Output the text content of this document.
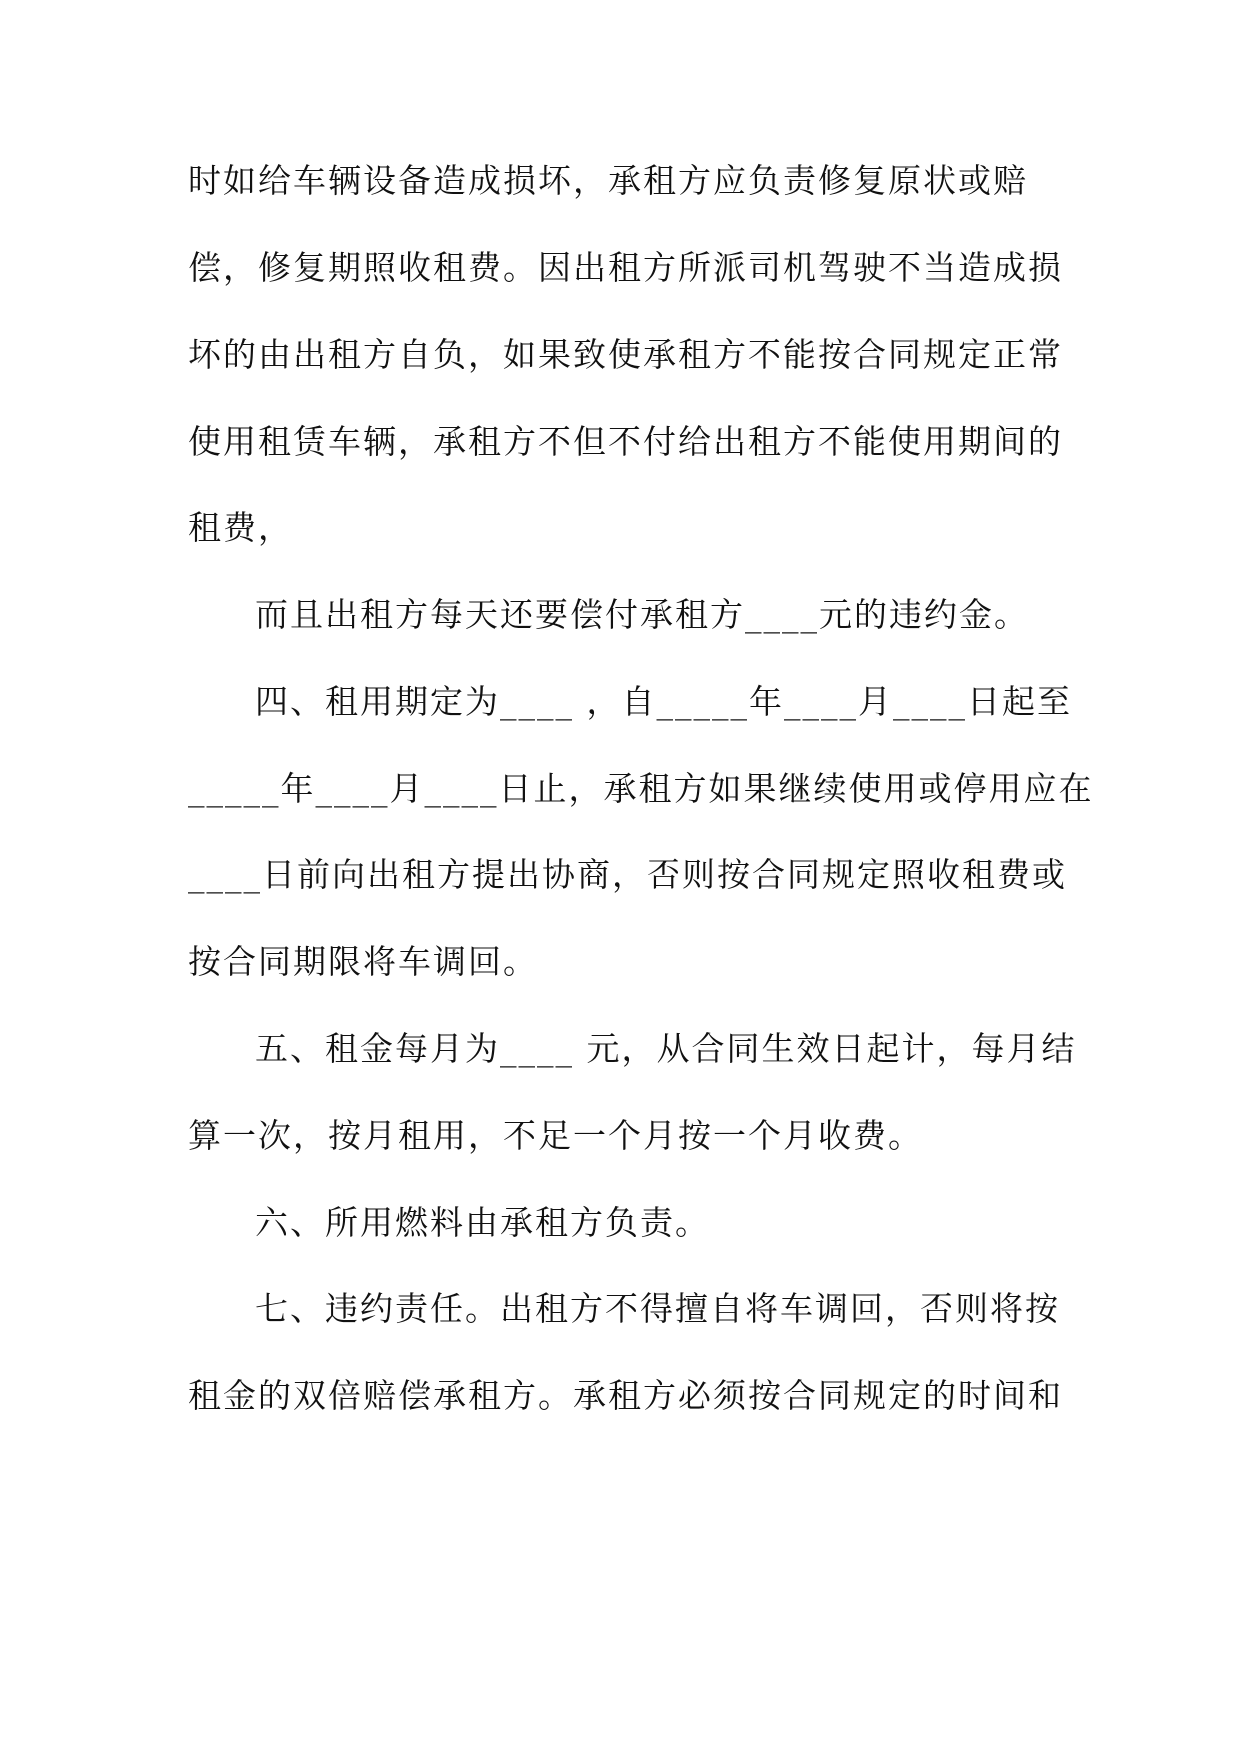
时如给车辆设备造成损坏，承租方应负责修复原状或赔

偿，修复期照收租费。因出租方所派司机驾驶不当造成损

坏的由出租方自负，如果致使承租方不能按合同规定正常

使用租赁车辆，承租方不但不付给出租方不能使用期间的

租费，

而且出租方每天还要偿付承租方____元的违约金。

四、租用期定为____ ，自_____年____月____日起至

_____年____月____日止，承租方如果继续使用或停用应在

____日前向出租方提出协商，否则按合同规定照收租费或

按合同期限将车调回。

五、租金每月为____ 元，从合同生效日起计，每月结

算一次，按月租用，不足一个月按一个月收费。

六、所用燃料由承租方负责。

七、违约责任。出租方不得擅自将车调回，否则将按

租金的双倍赔偿承租方。承租方必须按合同规定的时间和
